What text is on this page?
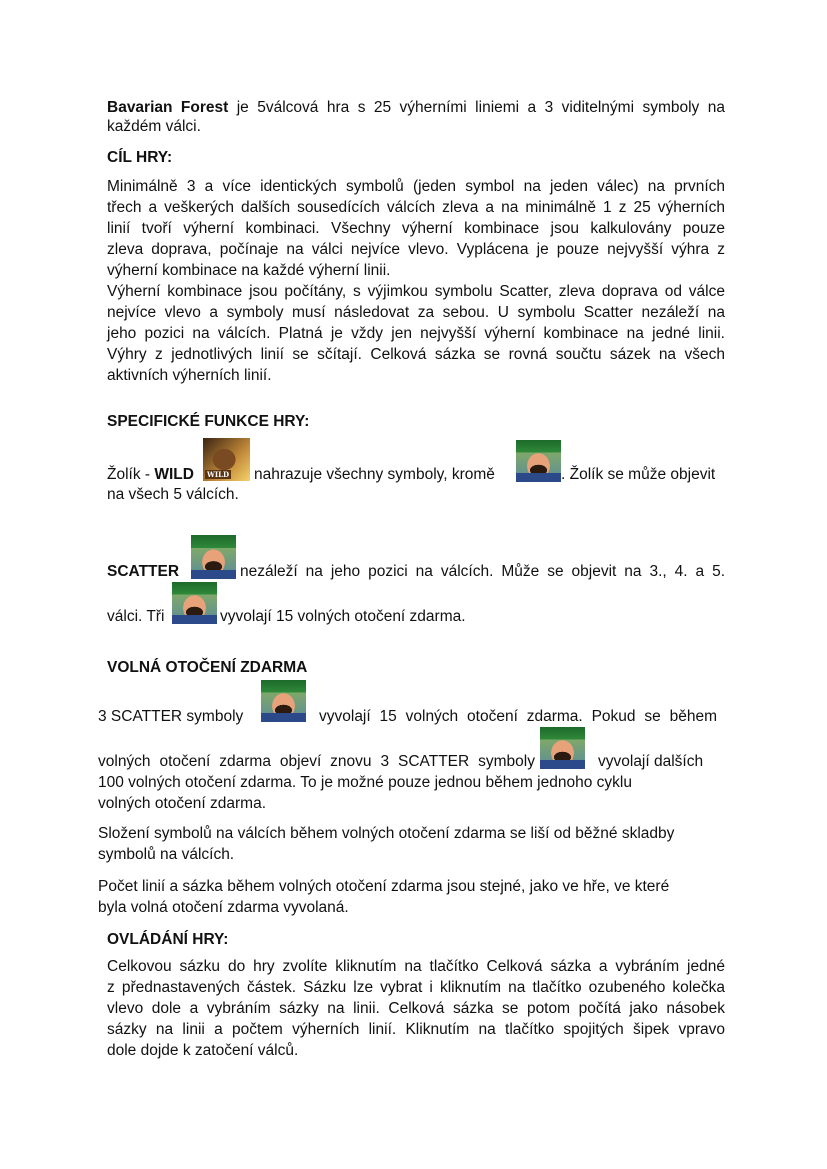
Bavarian Forest je 5válcová hra s 25 výherními liniemi a 3 viditelnými symboly na
každém válci.
CÍL HRY:
Minimálně 3 a více identických symbolů (jeden symbol na jeden válec) na prvních
třech a veškerých dalších sousedících válcích zleva a na minimálně 1 z 25 výherních
linií tvoří výherní kombinaci. Všechny výherní kombinace jsou kalkulovány pouze
zleva doprava, počínaje na válci nejvíce vlevo. Vyplácena je pouze nejvyšší výhra z
výherní kombinace na každé výherní linii.
Výherní kombinace jsou počítány, s výjimkou symbolu Scatter, zleva doprava od válce
nejvíce vlevo a symboly musí následovat za sebou. U symbolu Scatter nezáleží na
jeho pozici na válcích. Platná je vždy jen nejvyšší výherní kombinace na jedné linii.
Výhry z jednotlivých linií se sčítají. Celková sázka se rovná součtu sázek na všech
aktivních výherních linií.
SPECIFICKÉ FUNKCE HRY:
Žolík - WILD WILD nahrazuje všechny symboly, kromě	. Žolík se může objevit
na všech 5 válcích.
SCATTER	nezáleží na jeho pozici na válcích. Může se objevit na 3., 4. a 5.
válci. Tři	vyvolají 15 volných otočení zdarma.
VOLNÁ OTOČENÍ ZDARMA
3 SCATTER symboly	vyvolají 15 volných otočení zdarma. Pokud se během
volných otočení zdarma objeví znovu 3 SCATTER symboly	vyvolají dalších
100 volných otočení zdarma. To je možné pouze jednou během jednoho cyklu
volných otočení zdarma.
Složení symbolů na válcích během volných otočení zdarma se liší od běžné skladby
symbolů na válcích.
Počet linií a sázka během volných otočení zdarma jsou stejné, jako ve hře, ve které
byla volná otočení zdarma vyvolaná.
OVLÁDÁNÍ HRY:
Celkovou sázku do hry zvolíte kliknutím na tlačítko Celková sázka a vybráním jedné
z přednastavených částek. Sázku lze vybrat i kliknutím na tlačítko ozubeného kolečka
vlevo dole a vybráním sázky na linii. Celková sázka se potom počítá jako násobek
sázky na linii a počtem výherních linií. Kliknutím na tlačítko spojitých šipek vpravo
dole dojde k zatočení válců.
